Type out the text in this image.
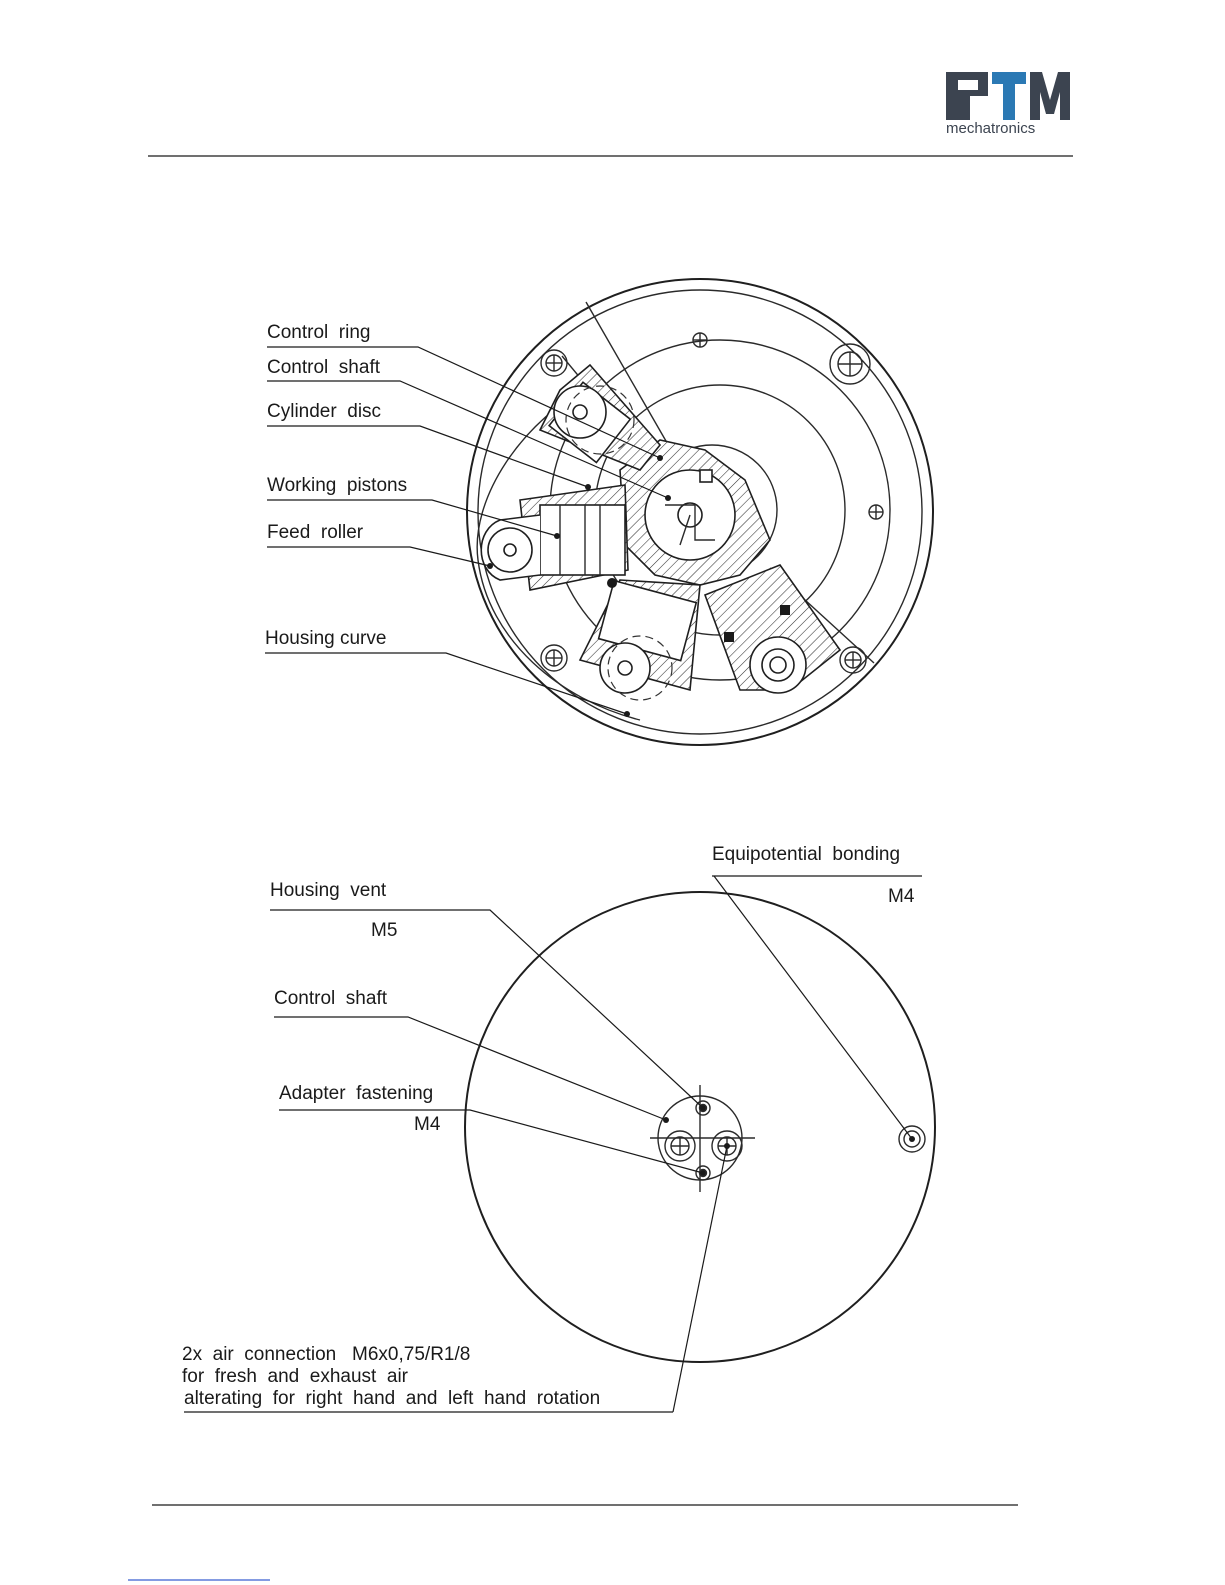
mechatronics
Control  ring
Control  shaft
Cylinder  disc
Working  pistons
Feed  roller
Housing curve
Equipotential  bonding
M4
Housing  vent
M5
Control  shaft
Adapter  fastening
M4
2x  air  connection   M6x0,75/R1/8
for  fresh  and  exhaust  air
alterating  for  right  hand  and  left  hand  rotation
